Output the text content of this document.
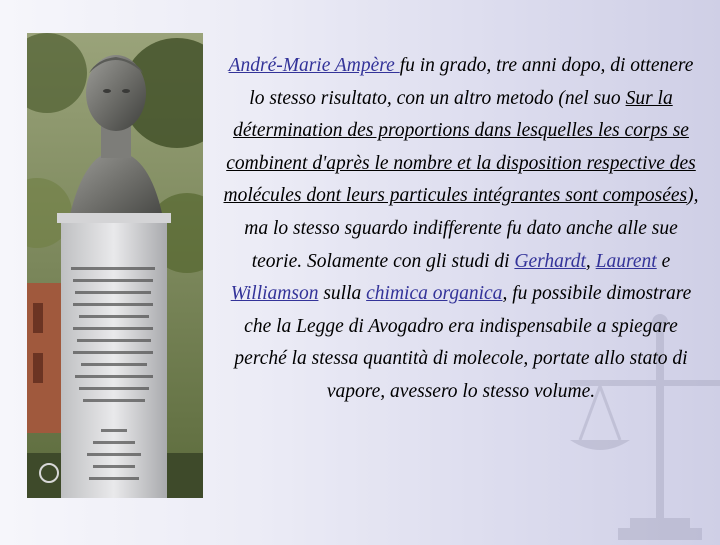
André-Marie Ampère fu in grado, tre anni dopo, di ottenere lo stesso risultato, con un altro metodo (nel suo Sur la détermination des proportions dans lesquelles les corps se combinent d'après le nombre et la disposition respective des molécules dont leurs particules intégrantes sont composées), ma lo stesso sguardo indifferente fu dato anche alle sue teorie. Solamente con gli studi di Gerhardt, Laurent e Williamson sulla chimica organica, fu possibile dimostrare che la Legge di Avogadro era indispensabile a spiegare perché la stessa quantità di molecole, portate allo stato di vapore, avessero lo stesso volume.
